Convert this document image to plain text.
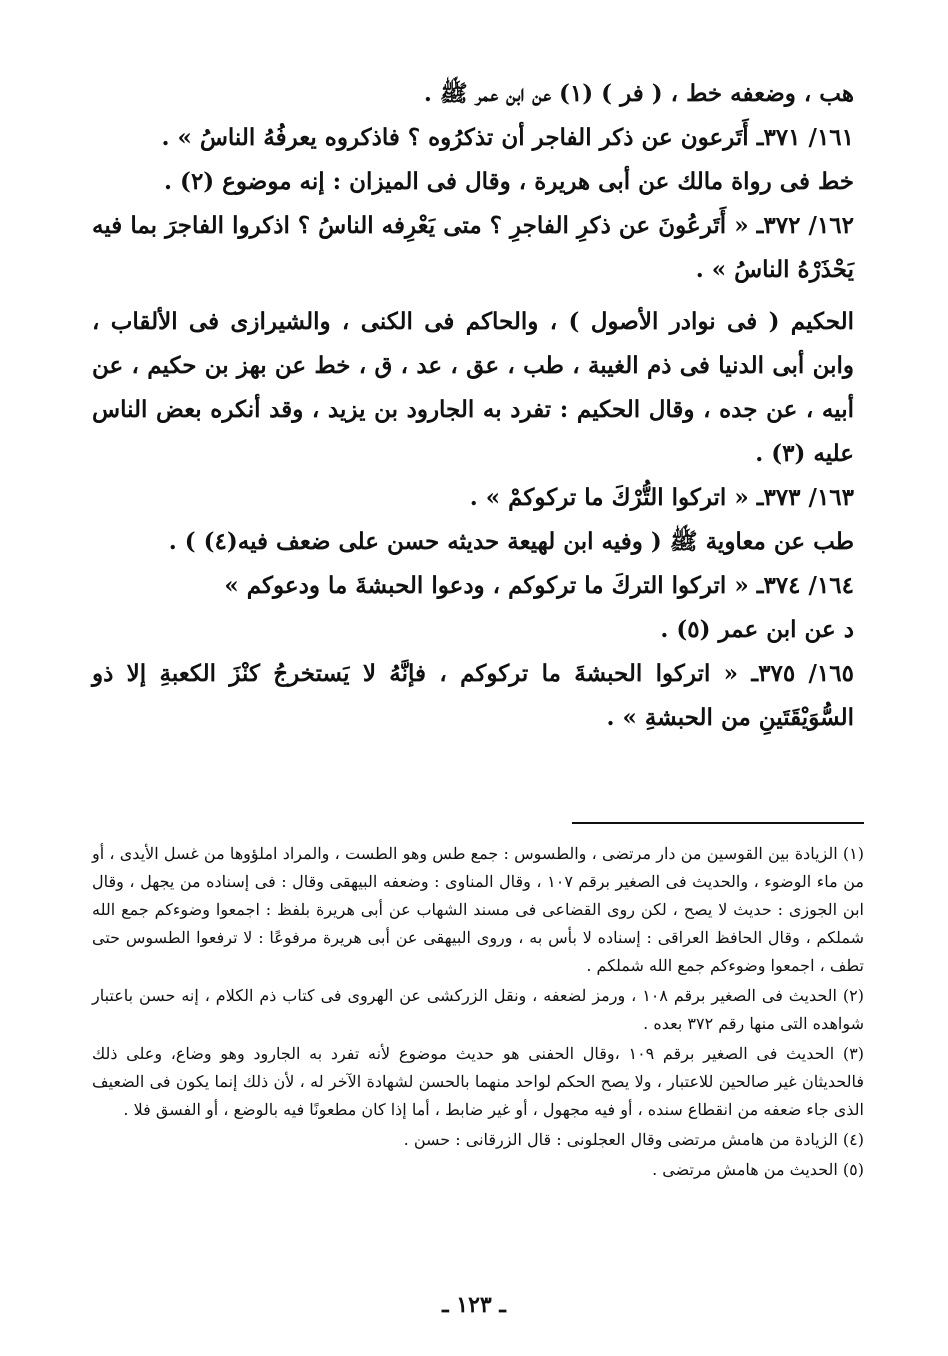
هب ، وضعفه خط ، ( فر ) (١) عن ابن عمر ﷺ .

١٦١/ ٣٧١ـ أَتَرعون عن ذكر الفاجر أن تذكرُوه ؟ فاذكروه يعرفُهُ الناسُ » .

خط فى رواة مالك عن أبى هريرة ، وقال فى الميزان : إنه موضوع (٢) .

١٦٢/ ٣٧٢ـ « أَتَرعُونَ عن ذكرِ الفاجرِ ؟ متى يَعْرِفه الناسُ ؟ اذكروا الفاجرَ بما فيه يَحْذَرْهُ الناسُ » .

الحكيم ( فى نوادر الأصول ) ، والحاكم فى الكنى ، والشيرازى فى الألقاب ، وابن أبى الدنيا فى ذم الغيبة ، طب ، عق ، عد ، ق ، خط عن بهز بن حكيم ، عن أبيه ، عن جده ، وقال الحكيم : تفرد به الجارود بن يزيد ، وقد أنكره بعض الناس عليه (٣) .

١٦٣/ ٣٧٣ـ « اتركوا التُّرْكَ ما تركوكمْ » .

طب عن معاوية ﷺ ( وفيه ابن لهيعة حديثه حسن على ضعف فيه(٤) ) .

١٦٤/ ٣٧٤ـ « اتركوا التركَ ما تركوكم ، ودعوا الحبشةَ ما ودعوكم »

د عن ابن عمر (٥) .

١٦٥/ ٣٧٥ـ « اتركوا الحبشةَ ما تركوكم ، فإنَّهُ لا يَستخرجُ كنْزَ الكعبةِ إلا ذو السُّوَيْقَتَينِ من الحبشةِ » .

(١) الزيادة بين القوسين من دار مرتضى ، والطسوس : جمع طس وهو الطست ، والمراد املؤوها من غسل الأيدى ، أو من ماء الوضوء ، والحديث فى الصغير برقم ١٠٧ ، وقال المناوى : وضعفه البيهقى وقال : فى إسناده من يجهل ، وقال ابن الجوزى : حديث لا يصح ، لكن روى القضاعى فى مسند الشهاب عن أبى هريرة بلفظ : اجمعوا وضوءكم جمع الله شملكم ، وقال الحافظ العراقى : إسناده لا بأس به ، وروى البيهقى عن أبى هريرة مرفوعًا : لا ترفعوا الطسوس حتى تطف ، اجمعوا وضوءكم جمع الله شملكم .

(٢) الحديث فى الصغير برقم ١٠٨ ، ورمز لضعفه ، ونقل الزركشى عن الهروى فى كتاب ذم الكلام ، إنه حسن باعتبار شواهده التى منها رقم ٣٧٢ بعده .

(٣) الحديث فى الصغير برقم ١٠٩ ،وقال الحفنى هو حديث موضوع لأنه تفرد به الجارود وهو وضاع، وعلى ذلك فالحديثان غير صالحين للاعتبار ، ولا يصح الحكم لواحد منهما بالحسن لشهادة الآخر له ، لأن ذلك إنما يكون فى الضعيف الذى جاء ضعفه من انقطاع سنده ، أو فيه مجهول ، أو غير ضابط ، أما إذا كان مطعونًا فيه بالوضع ، أو الفسق فلا .

(٤) الزيادة من هامش مرتضى وقال العجلونى : قال الزرقانى : حسن .

(٥) الحديث من هامش مرتضى .

ـ ١٢٣ ـ
